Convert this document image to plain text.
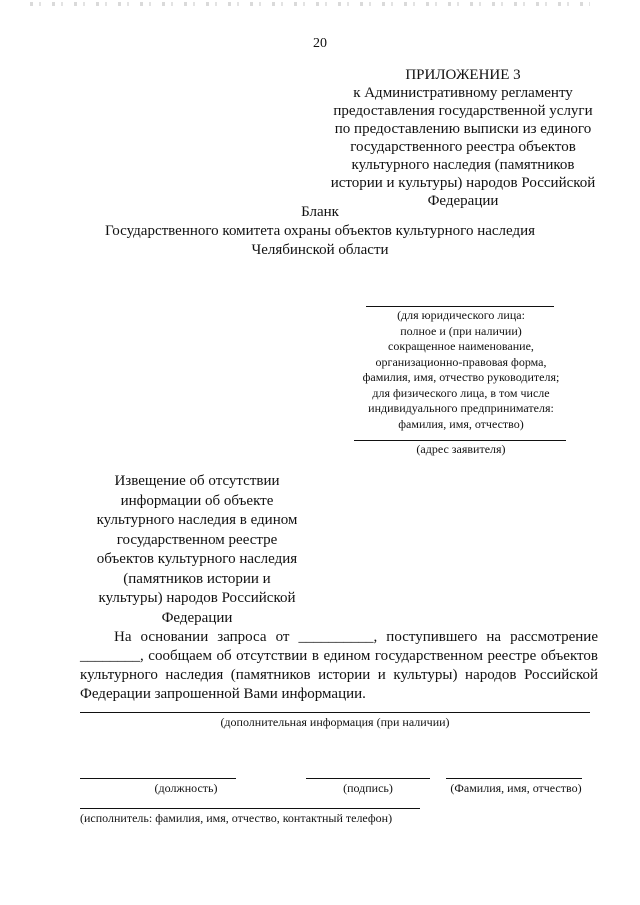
20
ПРИЛОЖЕНИЕ 3
к Административному регламенту
предоставления государственной услуги
по предоставлению выписки из единого
государственного реестра объектов
культурного наследия (памятников
истории и культуры) народов Российской
Федерации
Бланк
Государственного комитета охраны объектов культурного наследия
Челябинской области
(для юридического лица:
полное и (при наличии)
сокращенное наименование,
организационно-правовая форма,
фамилия, имя, отчество руководителя;
для физического лица, в том числе
индивидуального предпринимателя:
фамилия, имя, отчество)
(адрес заявителя)
Извещение об отсутствии
информации об объекте
культурного наследия в едином
государственном реестре
объектов культурного наследия
(памятников истории и
культуры) народов Российской
Федерации
На основании запроса от __________, поступившего на рассмотрение
________, сообщаем об отсутствии в едином государственном реестре объектов
культурного наследия (памятников истории и культуры) народов Российской
Федерации запрошенной Вами информации.
(дополнительная информация (при наличии)
(должность)	(подпись)	(Фамилия, имя, отчество)
(исполнитель: фамилия, имя, отчество, контактный телефон)
